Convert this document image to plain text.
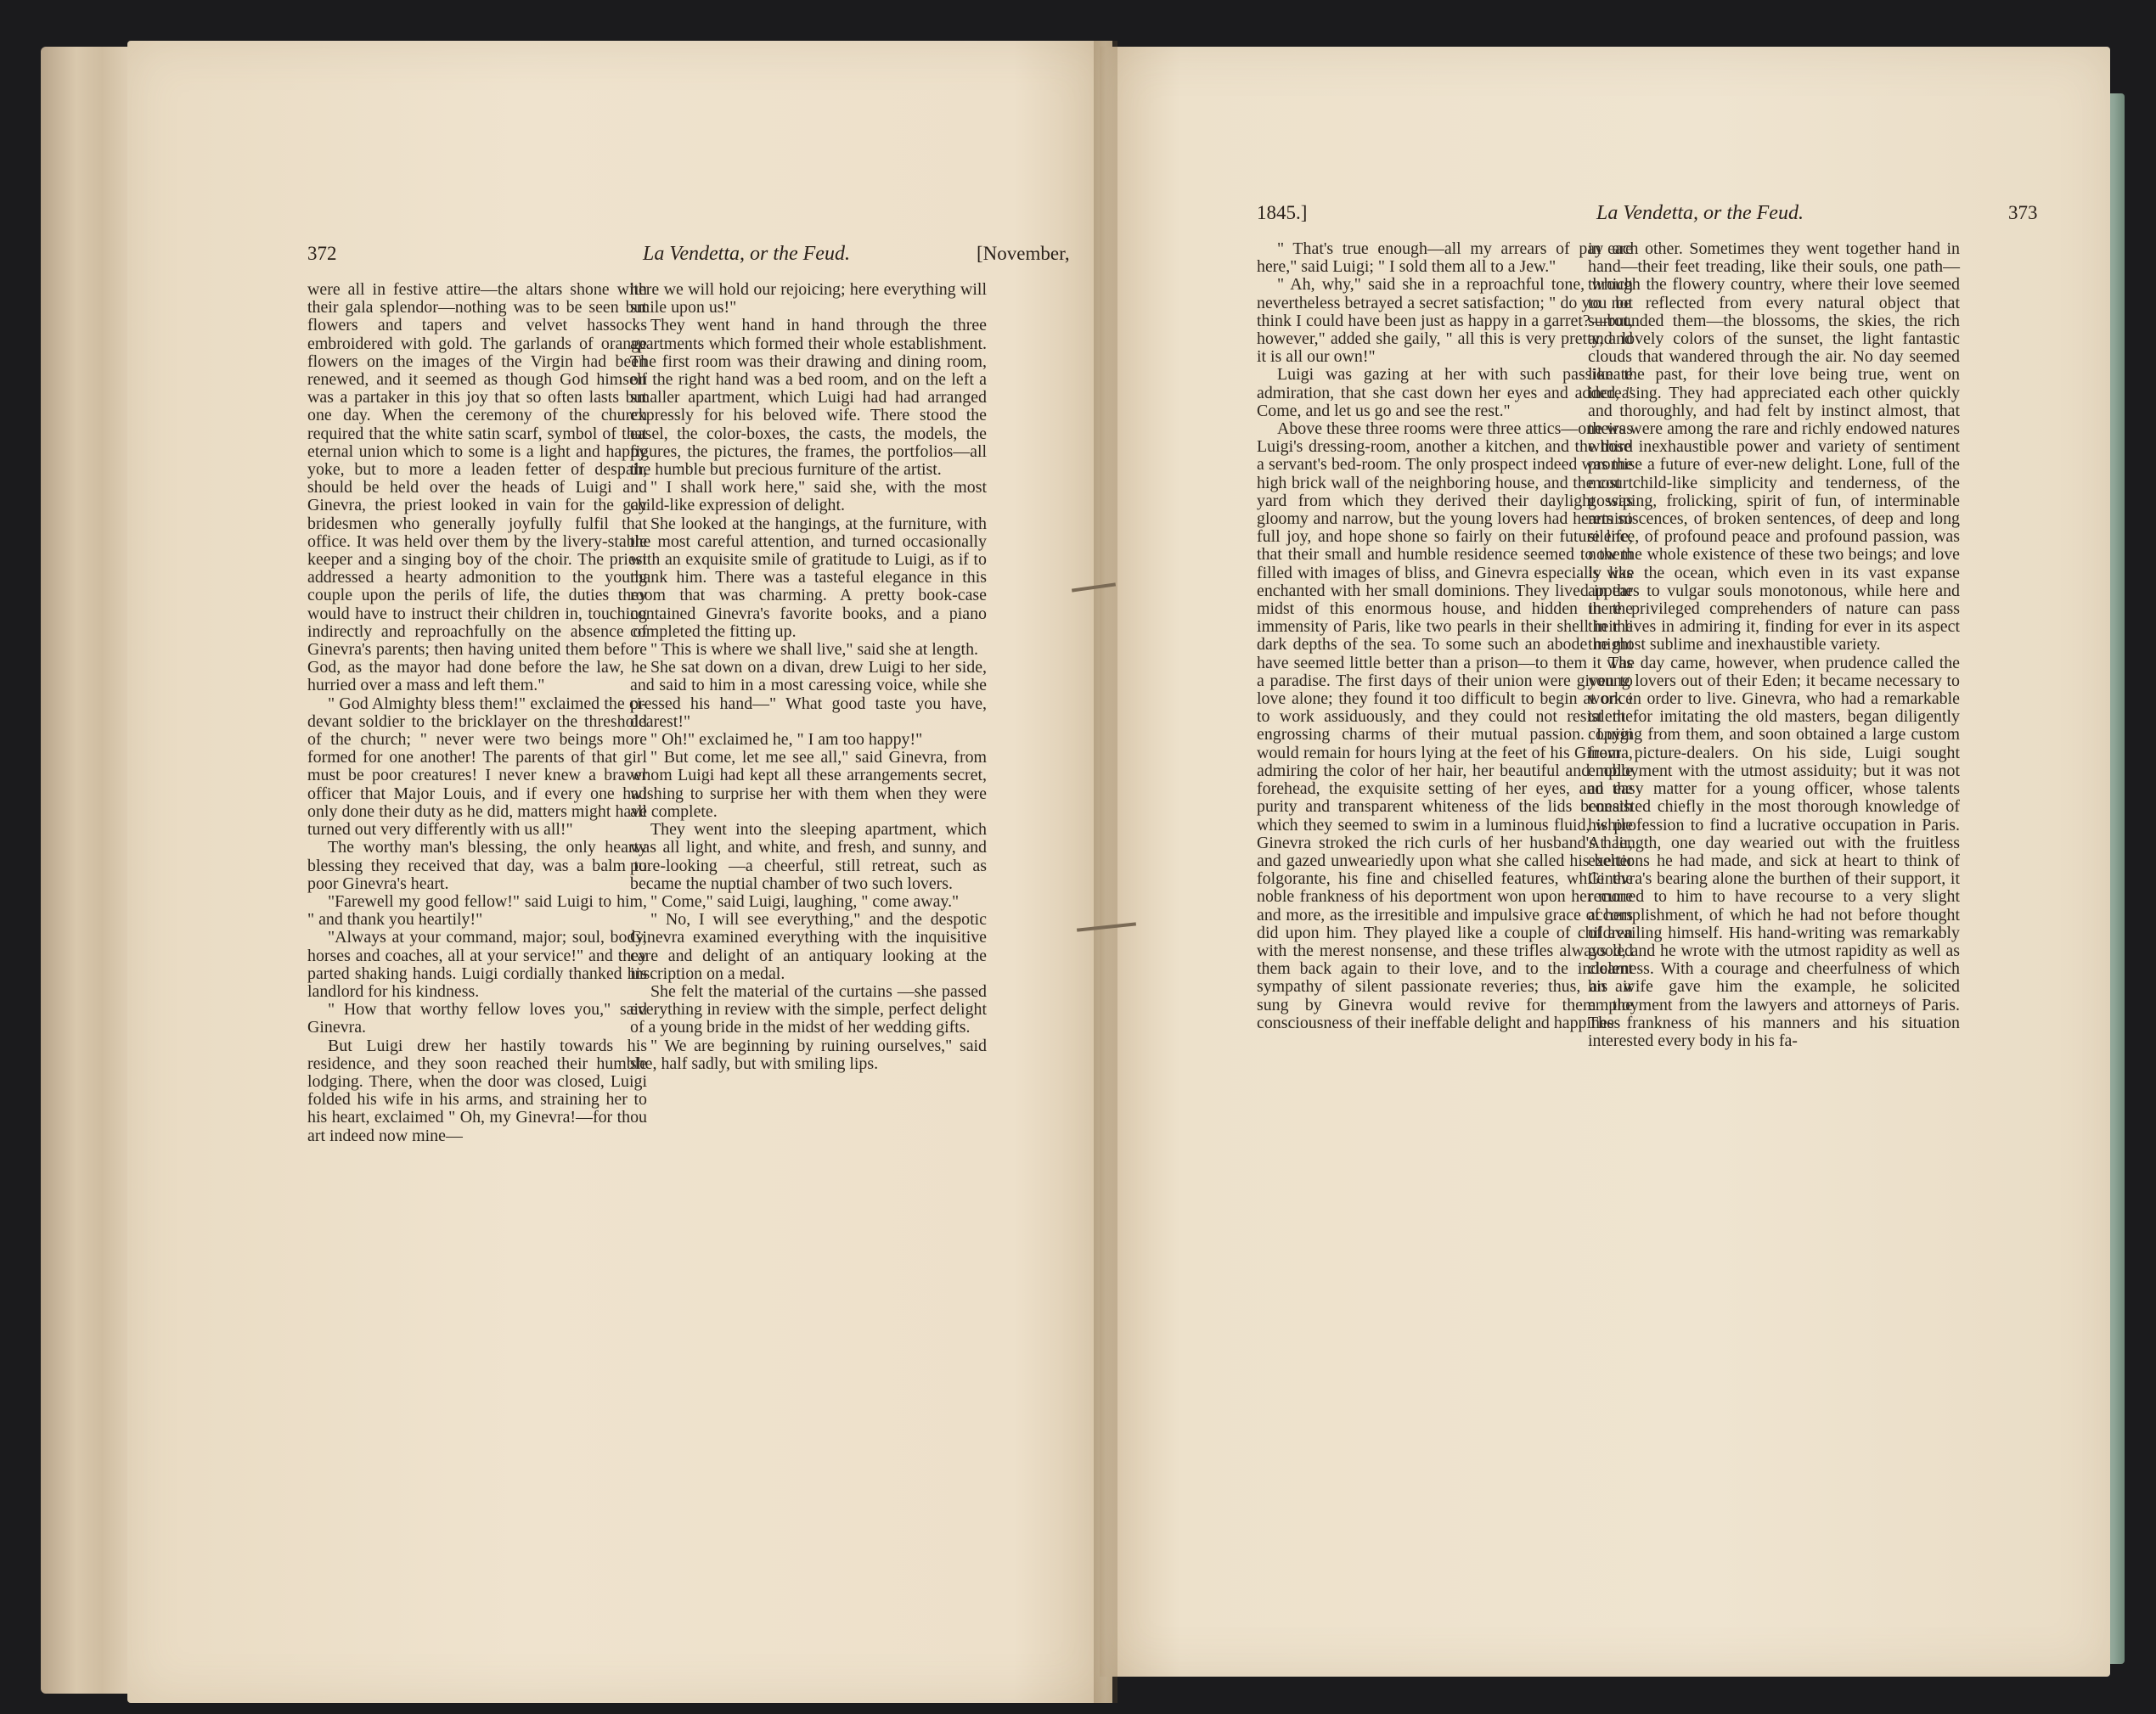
372	La Vendetta, or the Feud.	[November,

were all in festive attire—the altars shone with their gala splendor—nothing was to be seen but flowers and tapers and velvet hassocks embroidered with gold. The garlands of orange flowers on the images of the Virgin had been renewed, and it seemed as though God himself was a partaker in this joy that so often lasts but one day. When the ceremony of the church required that the white satin scarf, symbol of that eternal union which to some is a light and happy yoke, but to more a leaden fetter of despair, should be held over the heads of Luigi and Ginevra, the priest looked in vain for the gay bridesmen who generally joyfully fulfil that office. It was held over them by the livery-stable keeper and a singing boy of the choir. The priest addressed a hearty admonition to the young couple upon the perils of life, the duties they would have to instruct their children in, touching indirectly and reproachfully on the absence of Ginevra's parents; then having united them before God, as the mayor had done before the law, he hurried over a mass and left them."

" God Almighty bless them!" exclaimed the ci-devant soldier to the bricklayer on the threshold of the church; " never were two beings more formed for one another! The parents of that girl must be poor creatures! I never knew a braver officer that Major Louis, and if every one had only done their duty as he did, matters might have turned out very differently with us all!"

The worthy man's blessing, the only hearty blessing they received that day, was a balm to poor Ginevra's heart.

"Farewell my good fellow!" said Luigi to him, " and thank you heartily!"

"Always at your command, major; soul, body, horses and coaches, all at your service!" and they parted shaking hands. Luigi cordially thanked his landlord for his kindness.

" How that worthy fellow loves you," said Ginevra.

But Luigi drew her hastily towards his residence, and they soon reached their humble lodging. There, when the door was closed, Luigi folded his wife in his arms, and straining her to his heart, exclaimed " Oh, my Ginevra!—for thou art indeed now mine—

here we will hold our rejoicing; here everything will smile upon us!"

They went hand in hand through the three apartments which formed their whole establishment. The first room was their drawing and dining room, on the right hand was a bed room, and on the left a smaller apartment, which Luigi had had arranged expressly for his beloved wife. There stood the easel, the color-boxes, the casts, the models, the figures, the pictures, the frames, the portfolios—all the humble but precious furniture of the artist.

" I shall work here," said she, with the most child-like expression of delight.

She looked at the hangings, at the furniture, with the most careful attention, and turned occasionally with an exquisite smile of gratitude to Luigi, as if to thank him. There was a tasteful elegance in this room that was charming. A pretty book-case contained Ginevra's favorite books, and a piano completed the fitting up.

" This is where we shall live," said she at length.

She sat down on a divan, drew Luigi to her side, and said to him in a most caressing voice, while she pressed his hand—" What good taste you have, dearest!"

" Oh!" exclaimed he, " I am too happy!"

" But come, let me see all," said Ginevra, from whom Luigi had kept all these arrangements secret, wishing to surprise her with them when they were all complete.

They went into the sleeping apartment, which was all light, and white, and fresh, and sunny, and pure-looking —a cheerful, still retreat, such as became the nuptial chamber of two such lovers.

" Come," said Luigi, laughing, " come away."

" No, I will see everything," and the despotic Ginevra examined everything with the inquisitive care and delight of an antiquary looking at the inscription on a medal.

She felt the material of the curtains —she passed everything in review with the simple, perfect delight of a young bride in the midst of her wedding gifts.

" We are beginning by ruining ourselves," said she, half sadly, but with smiling lips.

1845.]	La Vendetta, or the Feud.	373

" That's true enough—all my arrears of pay are here," said Luigi; " I sold them all to a Jew."

" Ah, why," said she in a reproachful tone, which nevertheless betrayed a secret satisfaction; " do you not think I could have been just as happy in a garret?—but, however," added she gaily, " all this is very pretty, and it is all our own!"

Luigi was gazing at her with such passionate admiration, that she cast down her eyes and added, " Come, and let us go and see the rest."

Above these three rooms were three attics—one was Luigi's dressing-room, another a kitchen, and the third a servant's bed-room. The only prospect indeed was the high brick wall of the neighboring house, and the court yard from which they derived their daylight was gloomy and narrow, but the young lovers had hearts so full joy, and hope shone so fairly on their future life, that their small and humble residence seemed to them filled with images of bliss, and Ginevra especially was enchanted with her small dominions. They lived in the midst of this enormous house, and hidden in the immensity of Paris, like two pearls in their shell in the dark depths of the sea. To some such an abode might have seemed little better than a prison—to them it was a paradise. The first days of their union were given to love alone; they found it too difficult to begin at once to work assiduously, and they could not resist the engrossing charms of their mutual passion. Luigi would remain for hours lying at the feet of his Ginevra, admiring the color of her hair, her beautiful and noble forehead, the exquisite setting of her eyes, and the purity and transparent whiteness of the lids beneath which they seemed to swim in a luminous fluid, while Ginevra stroked the rich curls of her husband's hair, and gazed unweariedly upon what she called his belter folgorante, his fine and chiselled features, while the noble frankness of his deportment won upon her more and more, as the irresitible and impulsive grace of hers did upon him. They played like a couple of children with the merest nonsense, and these trifles always led them back again to their love, and to the indolent sympathy of silent passionate reveries; thus, an air sung by Ginevra would revive for them the consciousness of their ineffable delight and happiness

in each other. Sometimes they went together hand in hand—their feet treading, like their souls, one path—through the flowery country, where their love seemed to be reflected from every natural object that surrounded them—the blossoms, the skies, the rich and lovely colors of the sunset, the light fantastic clouds that wandered through the air. No day seemed like the past, for their love being true, went on increasing. They had appreciated each other quickly and thoroughly, and had felt by instinct almost, that theirs were among the rare and richly endowed natures whose inexhaustible power and variety of sentiment promise a future of ever-new delight. Lone, full of the most child-like simplicity and tenderness, of the gossiping, frolicking, spirit of fun, of interminable reminiscences, of broken sentences, of deep and long silence, of profound peace and profound passion, was now the whole existence of these two beings; and love is like the ocean, which even in its vast expanse appears to vulgar souls monotonous, while here and there privileged comprehenders of nature can pass their lives in admiring it, finding for ever in its aspect the most sublime and inexhaustible variety.

The day came, however, when prudence called the young lovers out of their Eden; it became necessary to work in order to live. Ginevra, who had a remarkable talent for imitating the old masters, began diligently copying from them, and soon obtained a large custom from picture-dealers. On his side, Luigi sought employment with the utmost assiduity; but it was not an easy matter for a young officer, whose talents consisted chiefly in the most thorough knowledge of his profession to find a lucrative occupation in Paris. At length, one day wearied out with the fruitless exertions he had made, and sick at heart to think of Ginevra's bearing alone the burthen of their support, it recurred to him to have recourse to a very slight accomplishment, of which he had not before thought of availing himself. His hand-writing was remarkably good, and he wrote with the utmost rapidity as well as clearness. With a courage and cheerfulness of which his wife gave him the example, he solicited employment from the lawyers and attorneys of Paris. The frankness of his manners and his situation interested every body in his fa-
